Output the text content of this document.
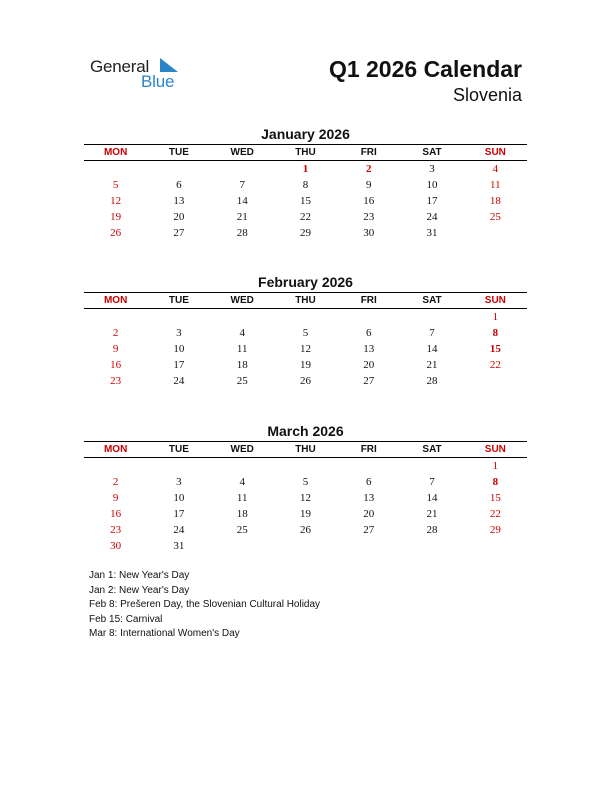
General
Blue	Q1 2026 Calendar
Slovenia
January 2026
MON	TUE	WED	THU	FRI	SAT	SUN
			1	2	3	4
5	6	7	8	9	10	11
12	13	14	15	16	17	18
19	20	21	22	23	24	25
26	27	28	29	30	31	
February 2026
MON	TUE	WED	THU	FRI	SAT	SUN
						1
2	3	4	5	6	7	8
9	10	11	12	13	14	15
16	17	18	19	20	21	22
23	24	25	26	27	28	
March 2026
MON	TUE	WED	THU	FRI	SAT	SUN
						1
2	3	4	5	6	7	8
9	10	11	12	13	14	15
16	17	18	19	20	21	22
23	24	25	26	27	28	29
30	31					
Jan 1: New Year's Day
Jan 2: New Year's Day
Feb 8: Prešeren Day, the Slovenian Cultural Holiday
Feb 15: Carnival
Mar 8: International Women's Day
